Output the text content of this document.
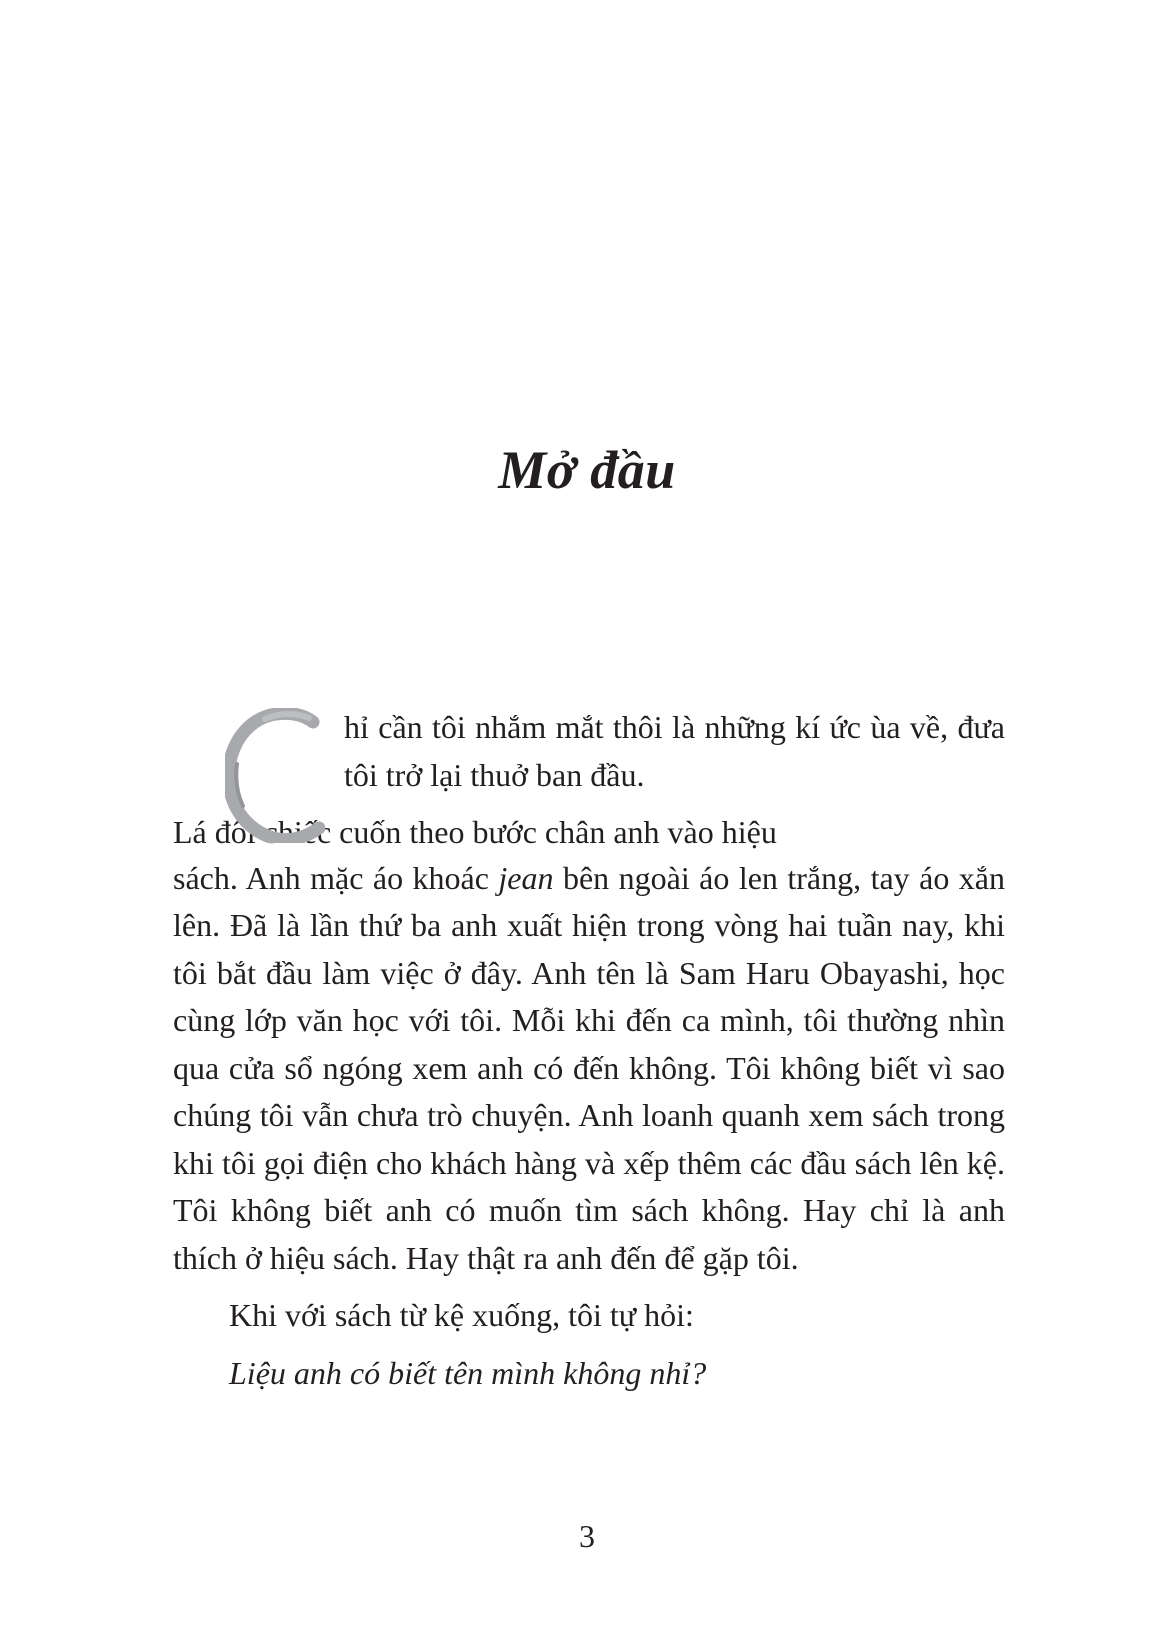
Mở đầu

hỉ cần tôi nhắm mắt thôi là những kí ức ùa về, đưa tôi trở lại thuở ban đầu.

Lá đôi chiếc cuốn theo bước chân anh vào hiệu

sách. Anh mặc áo khoác jean bên ngoài áo len trắng, tay áo xắn lên. Đã là lần thứ ba anh xuất hiện trong vòng hai tuần nay, khi tôi bắt đầu làm việc ở đây. Anh tên là Sam Haru Obayashi, học cùng lớp văn học với tôi. Mỗi khi đến ca mình, tôi thường nhìn qua cửa sổ ngóng xem anh có đến không. Tôi không biết vì sao chúng tôi vẫn chưa trò chuyện. Anh loanh quanh xem sách trong khi tôi gọi điện cho khách hàng và xếp thêm các đầu sách lên kệ. Tôi không biết anh có muốn tìm sách không. Hay chỉ là anh thích ở hiệu sách. Hay thật ra anh đến để gặp tôi.

Khi với sách từ kệ xuống, tôi tự hỏi:

Liệu anh có biết tên mình không nhỉ?

3
